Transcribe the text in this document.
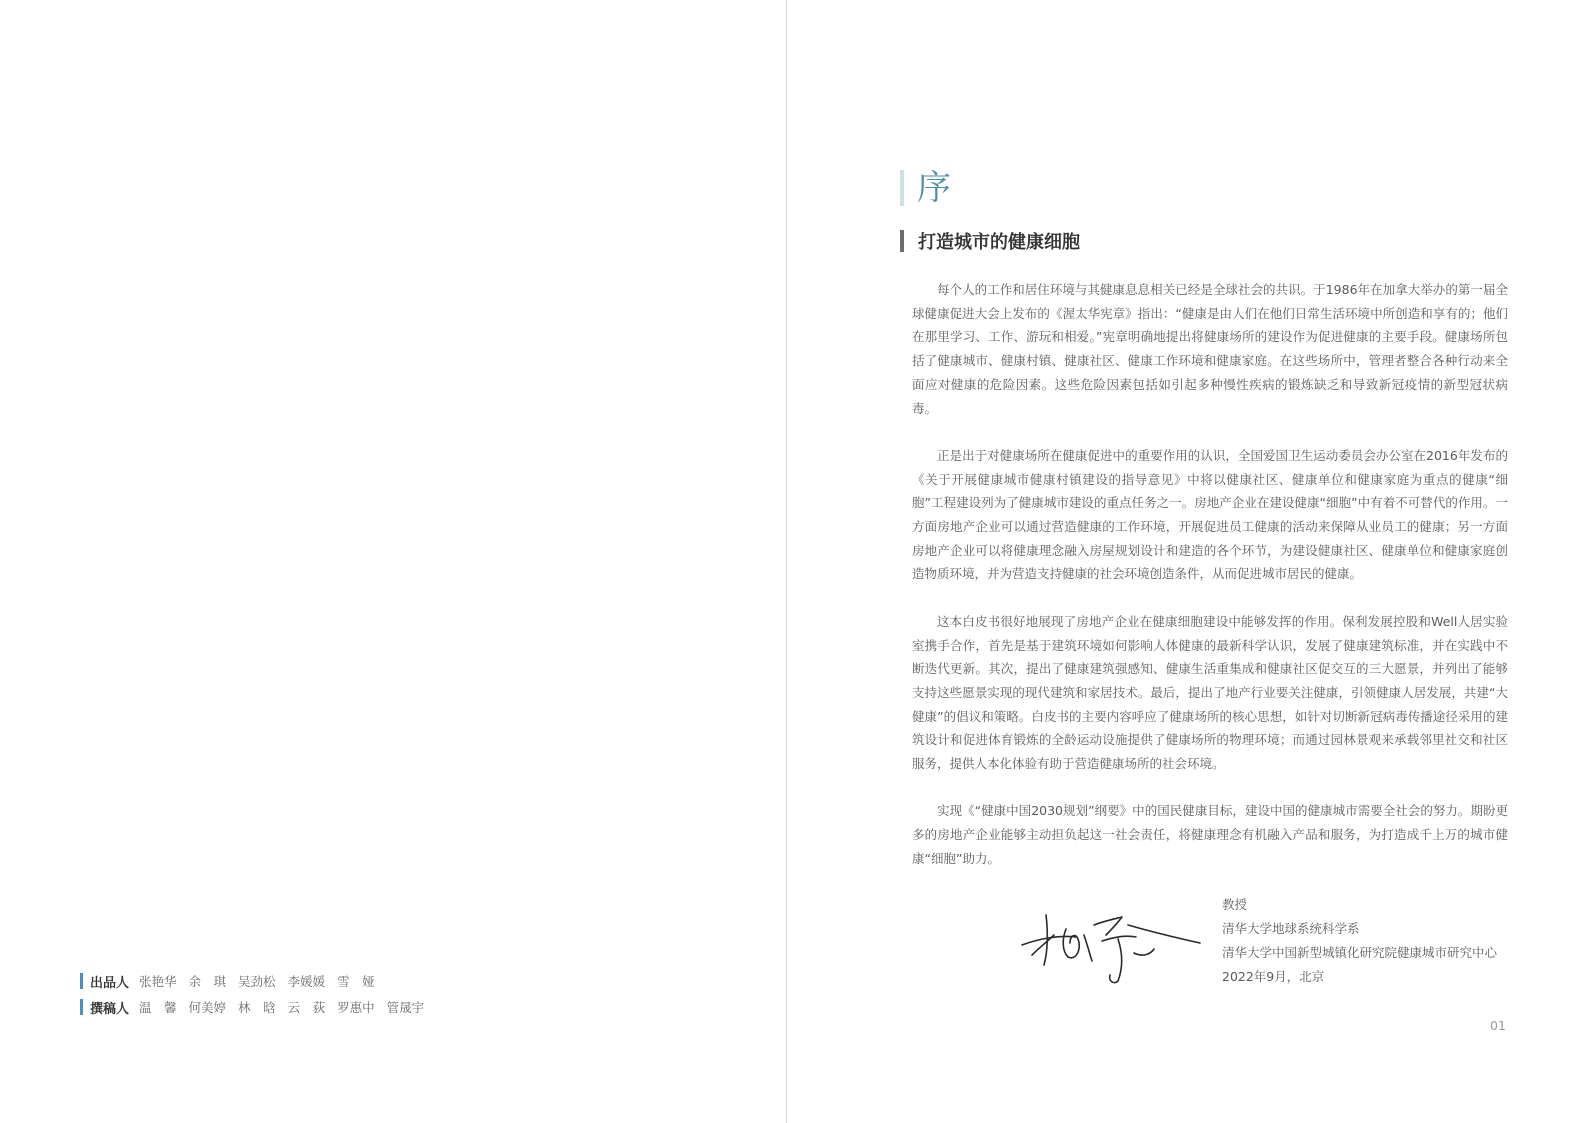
出品人 张艳华 余　琪 吴劲松 李媛媛 雪　娅
撰稿人 温　馨 何美婷 林　晗 云　荻 罗惠中 管晟宇
序
打造城市的健康细胞

每个人的工作和居住环境与其健康息息相关已经是全球社会的共识。于1986年在加拿大举办的第一届全球健康促进大会上发布的《渥太华宪章》指出：“健康是由人们在他们日常生活环境中所创造和享有的；他们在那里学习、工作、游玩和相爱。”宪章明确地提出将健康场所的建设作为促进健康的主要手段。健康场所包括了健康城市、健康村镇、健康社区、健康工作环境和健康家庭。在这些场所中，管理者整合各种行动来全面应对健康的危险因素。这些危险因素包括如引起多种慢性疾病的锻炼缺乏和导致新冠疫情的新型冠状病毒。

正是出于对健康场所在健康促进中的重要作用的认识，全国爱国卫生运动委员会办公室在2016年发布的《关于开展健康城市健康村镇建设的指导意见》中将以健康社区、健康单位和健康家庭为重点的健康“细胞”工程建设列为了健康城市建设的重点任务之一。房地产企业在建设健康“细胞”中有着不可替代的作用。一方面房地产企业可以通过营造健康的工作环境，开展促进员工健康的活动来保障从业员工的健康；另一方面房地产企业可以将健康理念融入房屋规划设计和建造的各个环节，为建设健康社区、健康单位和健康家庭创造物质环境，并为营造支持健康的社会环境创造条件，从而促进城市居民的健康。

这本白皮书很好地展现了房地产企业在健康细胞建设中能够发挥的作用。保利发展控股和Well人居实验室携手合作，首先是基于建筑环境如何影响人体健康的最新科学认识，发展了健康建筑标准，并在实践中不断迭代更新。其次，提出了健康建筑强感知、健康生活重集成和健康社区促交互的三大愿景，并列出了能够支持这些愿景实现的现代建筑和家居技术。最后，提出了地产行业要关注健康，引领健康人居发展，共建“大健康”的倡议和策略。白皮书的主要内容呼应了健康场所的核心思想，如针对切断新冠病毒传播途径采用的建筑设计和促进体育锻炼的全龄运动设施提供了健康场所的物理环境；而通过园林景观来承载邻里社交和社区服务，提供人本化体验有助于营造健康场所的社会环境。

实现《“健康中国2030规划”纲要》中的国民健康目标，建设中国的健康城市需要全社会的努力。期盼更多的房地产企业能够主动担负起这一社会责任，将健康理念有机融入产品和服务，为打造成千上万的城市健康“细胞”助力。

教授
清华大学地球系统科学系
清华大学中国新型城镇化研究院健康城市研究中心
2022年9月，北京
01
